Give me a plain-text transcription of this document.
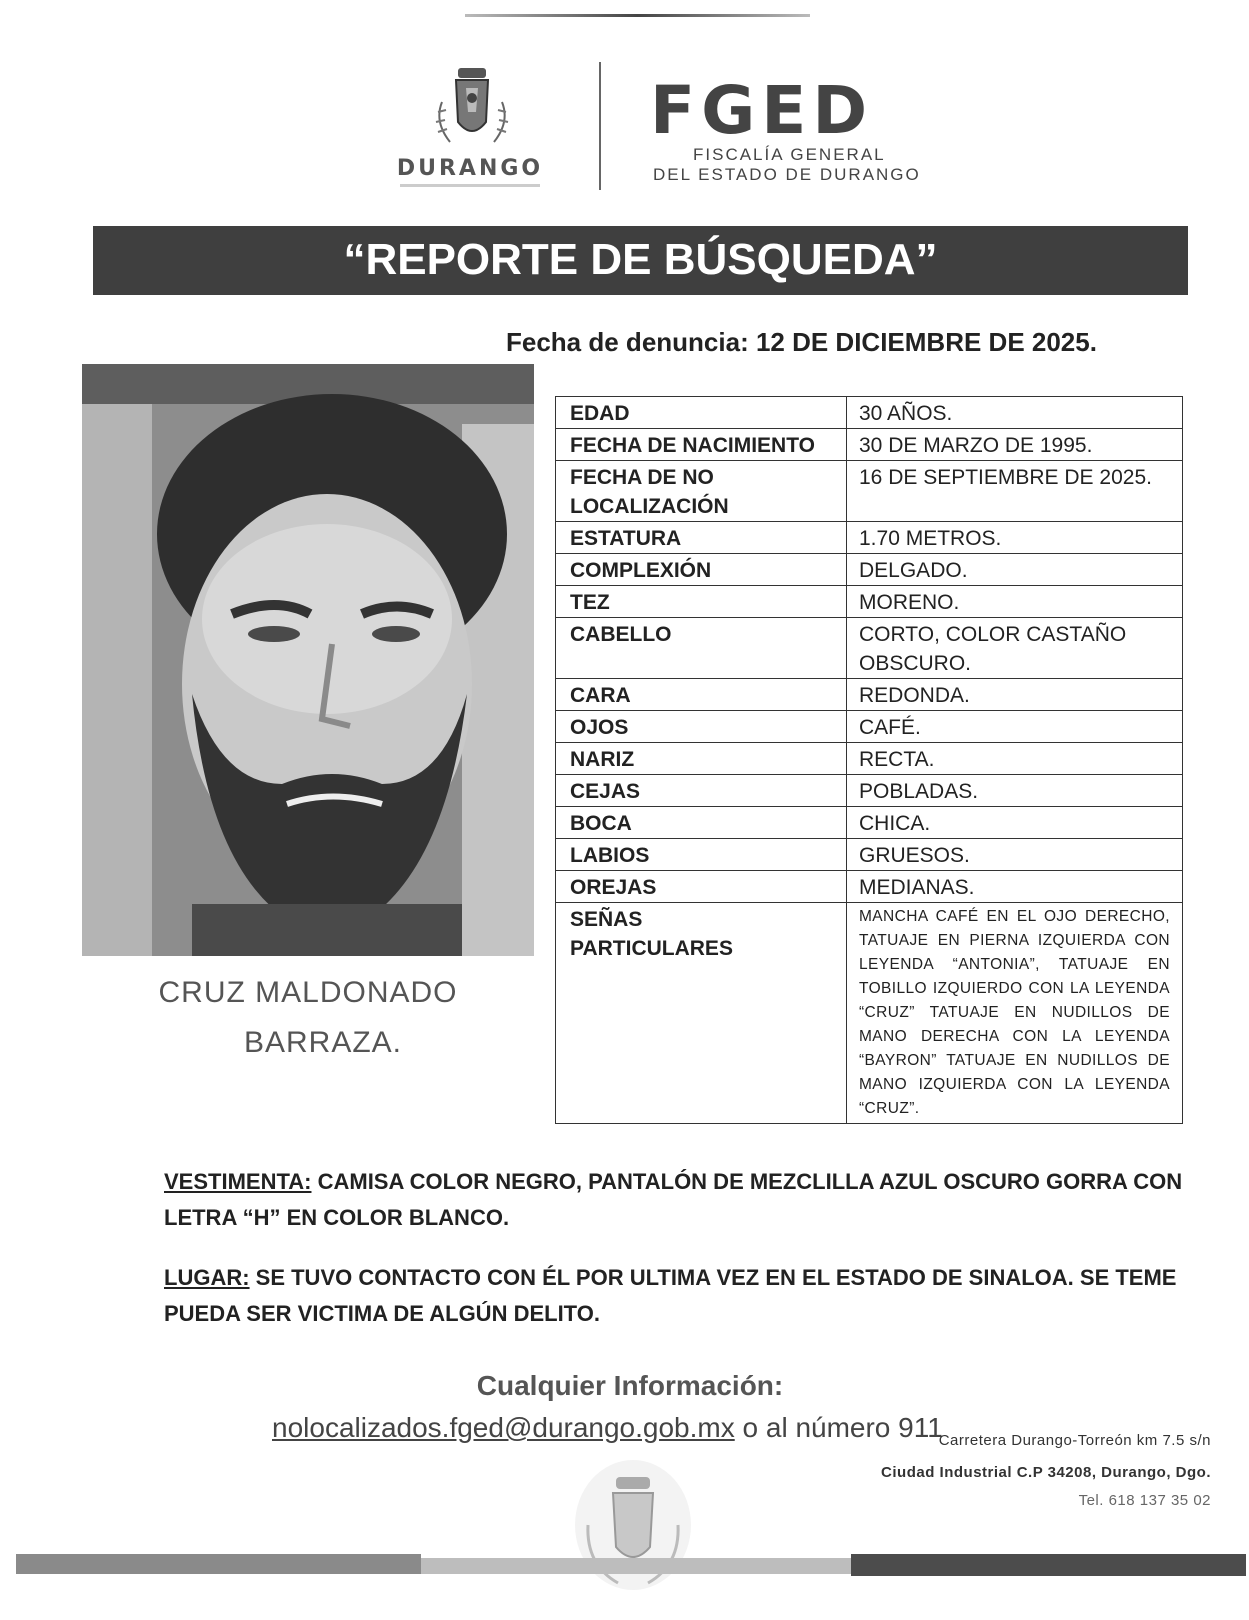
DURANGO
FGED
FISCALÍA GENERAL
DEL ESTADO DE DURANGO
“REPORTE DE BÚSQUEDA”
Fecha de denuncia: 12 DE DICIEMBRE DE 2025.
CRUZ MALDONADO
BARRAZA.
EDAD	30 AÑOS.
FECHA DE NACIMIENTO	30 DE MARZO DE 1995.
FECHA DE NO
LOCALIZACIÓN	16 DE SEPTIEMBRE DE 2025.
ESTATURA	1.70 METROS.
COMPLEXIÓN	DELGADO.
TEZ	MORENO.
CABELLO	CORTO, COLOR CASTAÑO OBSCURO.
CARA	REDONDA.
OJOS	CAFÉ.
NARIZ	RECTA.
CEJAS	POBLADAS.
BOCA	CHICA.
LABIOS	GRUESOS.
OREJAS	MEDIANAS.
SEÑAS
PARTICULARES	MANCHA CAFÉ EN EL OJO DERECHO, TATUAJE EN PIERNA IZQUIERDA CON LEYENDA “ANTONIA”, TATUAJE EN TOBILLO IZQUIERDO CON LA LEYENDA “CRUZ” TATUAJE EN NUDILLOS DE MANO DERECHA CON LA LEYENDA “BAYRON” TATUAJE EN NUDILLOS DE MANO IZQUIERDA CON LA LEYENDA “CRUZ”.
VESTIMENTA: CAMISA COLOR NEGRO, PANTALÓN DE MEZCLILLA AZUL OSCURO GORRA CON LETRA “H” EN COLOR BLANCO.
LUGAR: SE TUVO CONTACTO CON ÉL POR ULTIMA VEZ EN EL ESTADO DE SINALOA. SE TEME PUEDA SER VICTIMA DE ALGÚN DELITO.
Cualquier Información:
nolocalizados.fged@durango.gob.mx o al número 911
Carretera Durango-Torreón km 7.5 s/n
Ciudad Industrial C.P 34208, Durango, Dgo.
Tel. 618 137 35 02
